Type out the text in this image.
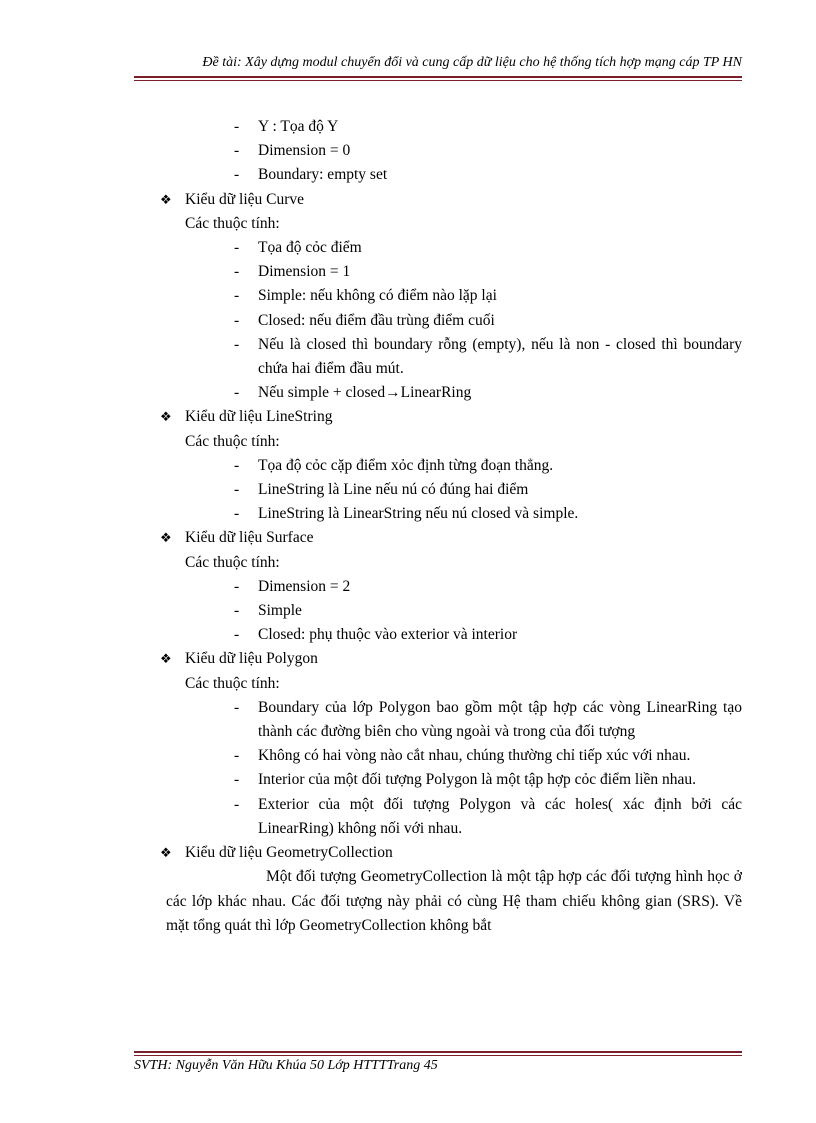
Đề tài: Xây dựng modul chuyển đổi và cung cấp dữ liệu cho hệ thống tích hợp mạng cáp TP HN
- Y : Tọa độ Y
- Dimension = 0
- Boundary: empty set
❖ Kiểu dữ liệu Curve
Các thuộc tính:
- Tọa độ cỏc điểm
- Dimension = 1
- Simple: nếu không có điểm nào lặp lại
- Closed: nếu điểm đầu trùng điểm cuối
- Nếu là closed thì boundary rỗng (empty), nếu là non - closed thì boundary chứa hai điểm đầu mút.
- Nếu simple + closed→LinearRing
❖ Kiểu dữ liệu LineString
Các thuộc tính:
- Tọa độ cỏc cặp điểm xỏc định từng đoạn thẳng.
- LineString là Line nếu nú có đúng hai điểm
- LineString là LinearString nếu nú closed và simple.
❖ Kiểu dữ liệu Surface
Các thuộc tính:
- Dimension = 2
- Simple
- Closed: phụ thuộc vào exterior và interior
❖ Kiểu dữ liệu Polygon
Các thuộc tính:
- Boundary của lớp Polygon bao gồm một tập hợp các vòng LinearRing tạo thành các đường biên cho vùng ngoài và trong của đối tượng
- Không có hai vòng nào cắt nhau, chúng thường chỉ tiếp xúc với nhau.
- Interior của một đối tượng Polygon là một tập hợp cỏc điểm liền nhau.
- Exterior của một đối tượng Polygon và các holes( xác định bởi các LinearRing) không nối với nhau.
❖ Kiểu dữ liệu GeometryCollection
Một đối tượng GeometryCollection là một tập hợp các đối tượng hình học ở các lớp khác nhau. Các đối tượng này phải có cùng Hệ tham chiếu không gian (SRS). Về mặt tổng quát thì lớp GeometryCollection không bắt
SVTH: Nguyễn Văn Hữu Khúa 50 Lớp HTTTTrang 45
